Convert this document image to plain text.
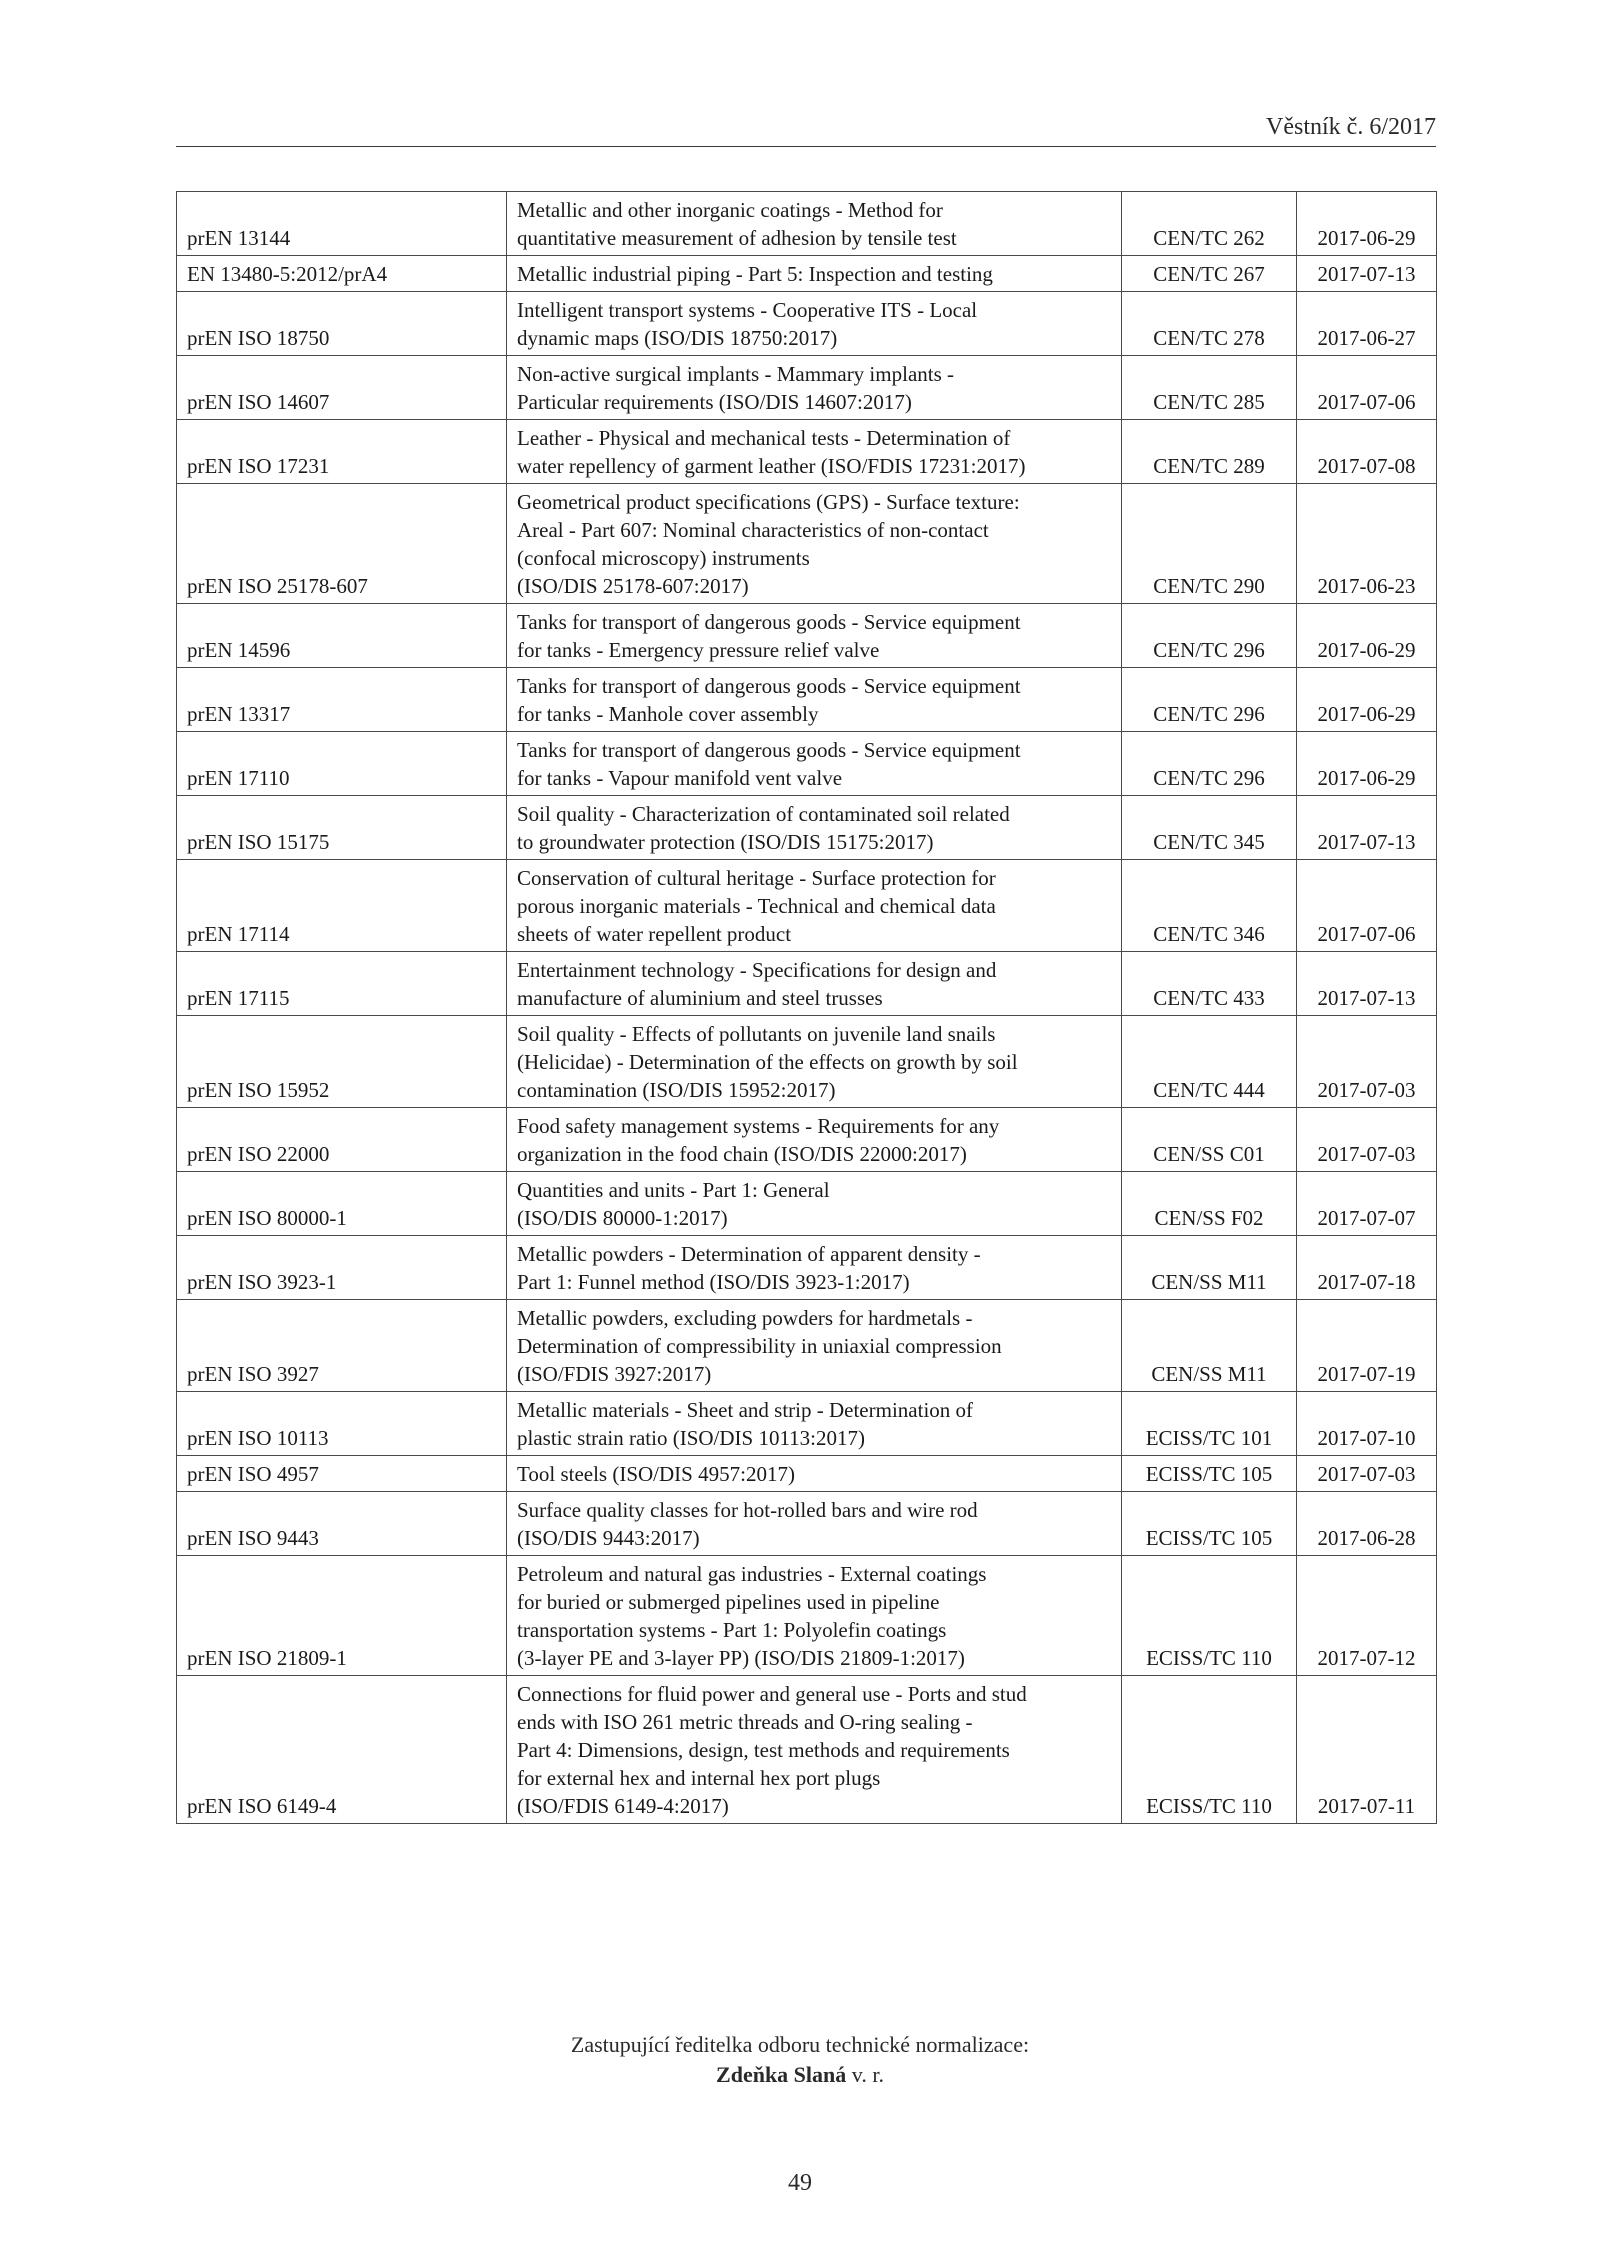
Věstník č. 6/2017
prEN 13144	Metallic and other inorganic coatings - Method for
quantitative measurement of adhesion by tensile test	CEN/TC 262	2017-06-29
EN 13480-5:2012/prA4	Metallic industrial piping - Part 5: Inspection and testing	CEN/TC 267	2017-07-13
prEN ISO 18750	Intelligent transport systems - Cooperative ITS - Local
dynamic maps (ISO/DIS 18750:2017)	CEN/TC 278	2017-06-27
prEN ISO 14607	Non-active surgical implants - Mammary implants -
Particular requirements (ISO/DIS 14607:2017)	CEN/TC 285	2017-07-06
prEN ISO 17231	Leather - Physical and mechanical tests - Determination of
water repellency of garment leather (ISO/FDIS 17231:2017)	CEN/TC 289	2017-07-08
prEN ISO 25178-607	Geometrical product specifications (GPS) - Surface texture:
Areal - Part 607: Nominal characteristics of non-contact
(confocal microscopy) instruments
(ISO/DIS 25178-607:2017)	CEN/TC 290	2017-06-23
prEN 14596	Tanks for transport of dangerous goods - Service equipment
for tanks - Emergency pressure relief valve	CEN/TC 296	2017-06-29
prEN 13317	Tanks for transport of dangerous goods - Service equipment
for tanks - Manhole cover assembly	CEN/TC 296	2017-06-29
prEN 17110	Tanks for transport of dangerous goods - Service equipment
for tanks - Vapour manifold vent valve	CEN/TC 296	2017-06-29
prEN ISO 15175	Soil quality - Characterization of contaminated soil related
to groundwater protection (ISO/DIS 15175:2017)	CEN/TC 345	2017-07-13
prEN 17114	Conservation of cultural heritage - Surface protection for
porous inorganic materials - Technical and chemical data
sheets of water repellent product	CEN/TC 346	2017-07-06
prEN 17115	Entertainment technology - Specifications for design and
manufacture of aluminium and steel trusses	CEN/TC 433	2017-07-13
prEN ISO 15952	Soil quality - Effects of pollutants on juvenile land snails
(Helicidae) - Determination of the effects on growth by soil
contamination (ISO/DIS 15952:2017)	CEN/TC 444	2017-07-03
prEN ISO 22000	Food safety management systems - Requirements for any
organization in the food chain (ISO/DIS 22000:2017)	CEN/SS C01	2017-07-03
prEN ISO 80000-1	Quantities and units - Part 1: General
(ISO/DIS 80000-1:2017)	CEN/SS F02	2017-07-07
prEN ISO 3923-1	Metallic powders - Determination of apparent density -
Part 1: Funnel method (ISO/DIS 3923-1:2017)	CEN/SS M11	2017-07-18
prEN ISO 3927	Metallic powders, excluding powders for hardmetals -
Determination of compressibility in uniaxial compression
(ISO/FDIS 3927:2017)	CEN/SS M11	2017-07-19
prEN ISO 10113	Metallic materials - Sheet and strip - Determination of
plastic strain ratio (ISO/DIS 10113:2017)	ECISS/TC 101	2017-07-10
prEN ISO 4957	Tool steels (ISO/DIS 4957:2017)	ECISS/TC 105	2017-07-03
prEN ISO 9443	Surface quality classes for hot-rolled bars and wire rod
(ISO/DIS 9443:2017)	ECISS/TC 105	2017-06-28
prEN ISO 21809-1	Petroleum and natural gas industries - External coatings
for buried or submerged pipelines used in pipeline
transportation systems - Part 1: Polyolefin coatings
(3-layer PE and 3-layer PP) (ISO/DIS 21809-1:2017)	ECISS/TC 110	2017-07-12
prEN ISO 6149-4	Connections for fluid power and general use - Ports and stud
ends with ISO 261 metric threads and O-ring sealing -
Part 4: Dimensions, design, test methods and requirements
for external hex and internal hex port plugs
(ISO/FDIS 6149-4:2017)	ECISS/TC 110	2017-07-11
Zastupující ředitelka odboru technické normalizace:
Zdeňka Slaná v. r.
49
